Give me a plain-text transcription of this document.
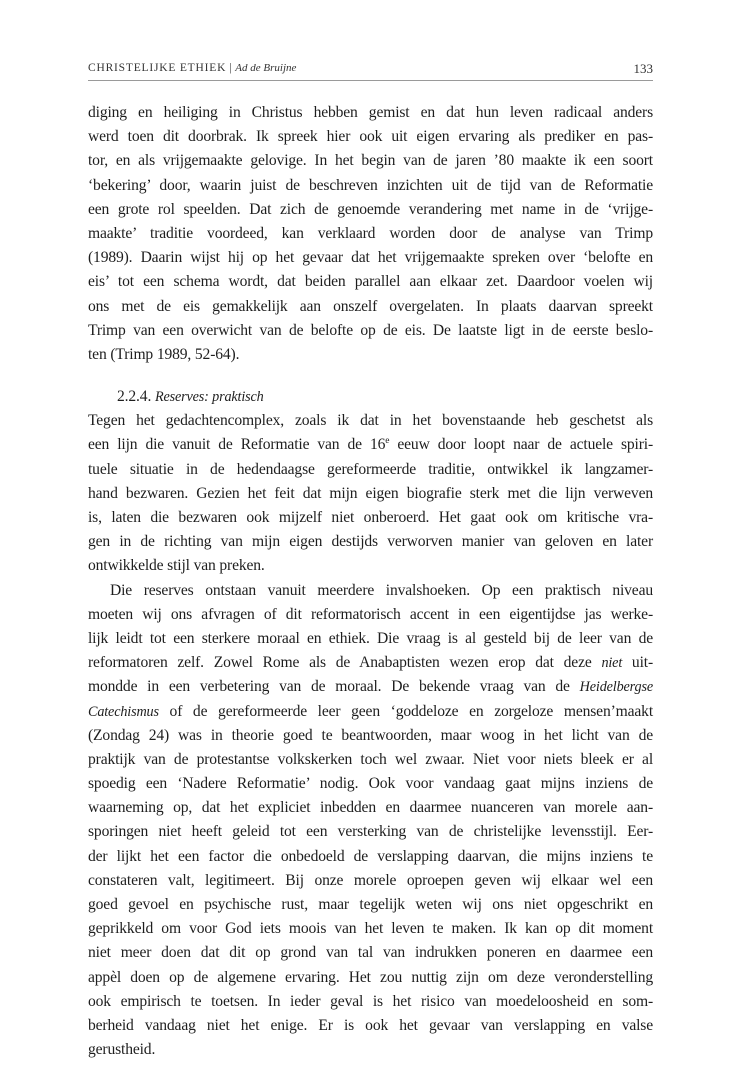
CHRISTELIJKE ETHIEK | Ad de Bruijne	133
diging en heiliging in Christus hebben gemist en dat hun leven radicaal anders
werd toen dit doorbrak. Ik spreek hier ook uit eigen ervaring als prediker en pas-
tor, en als vrijgemaakte gelovige. In het begin van de jaren ’80 maakte ik een soort
‘bekering’ door, waarin juist de beschreven inzichten uit de tijd van de Reformatie
een grote rol speelden. Dat zich de genoemde verandering met name in de ‘vrijge-
maakte’ traditie voordeed, kan verklaard worden door de analyse van Trimp
(1989). Daarin wijst hij op het gevaar dat het vrijgemaakte spreken over ‘belofte en
eis’ tot een schema wordt, dat beiden parallel aan elkaar zet. Daardoor voelen wij
ons met de eis gemakkelijk aan onszelf overgelaten. In plaats daarvan spreekt
Trimp van een overwicht van de belofte op de eis. De laatste ligt in de eerste beslo-
ten (Trimp 1989, 52-64).
2.2.4. Reserves: praktisch
Tegen het gedachtencomplex, zoals ik dat in het bovenstaande heb geschetst als
een lijn die vanuit de Reformatie van de 16e eeuw door loopt naar de actuele spiri-
tuele situatie in de hedendaagse gereformeerde traditie, ontwikkel ik langzamer-
hand bezwaren. Gezien het feit dat mijn eigen biografie sterk met die lijn verweven
is, laten die bezwaren ook mijzelf niet onberoerd. Het gaat ook om kritische vra-
gen in de richting van mijn eigen destijds verworven manier van geloven en later
ontwikkelde stijl van preken.
Die reserves ontstaan vanuit meerdere invalshoeken. Op een praktisch niveau
moeten wij ons afvragen of dit reformatorisch accent in een eigentijdse jas werke-
lijk leidt tot een sterkere moraal en ethiek. Die vraag is al gesteld bij de leer van de
reformatoren zelf. Zowel Rome als de Anabaptisten wezen erop dat deze niet uit-
mondde in een verbetering van de moraal. De bekende vraag van de Heidelbergse
Catechismus of de gereformeerde leer geen ‘goddeloze en zorgeloze mensen’maakt
(Zondag 24) was in theorie goed te beantwoorden, maar woog in het licht van de
praktijk van de protestantse volkskerken toch wel zwaar. Niet voor niets bleek er al
spoedig een ‘Nadere Reformatie’ nodig. Ook voor vandaag gaat mijns inziens de
waarneming op, dat het expliciet inbedden en daarmee nuanceren van morele aan-
sporingen niet heeft geleid tot een versterking van de christelijke levensstijl. Eer-
der lijkt het een factor die onbedoeld de verslapping daarvan, die mijns inziens te
constateren valt, legitimeert. Bij onze morele oproepen geven wij elkaar wel een
goed gevoel en psychische rust, maar tegelijk weten wij ons niet opgeschrikt en
geprikkeld om voor God iets moois van het leven te maken. Ik kan op dit moment
niet meer doen dat dit op grond van tal van indrukken poneren en daarmee een
appèl doen op de algemene ervaring. Het zou nuttig zijn om deze veronderstelling
ook empirisch te toetsen. In ieder geval is het risico van moedeloosheid en som-
berheid vandaag niet het enige. Er is ook het gevaar van verslapping en valse
gerustheid.
